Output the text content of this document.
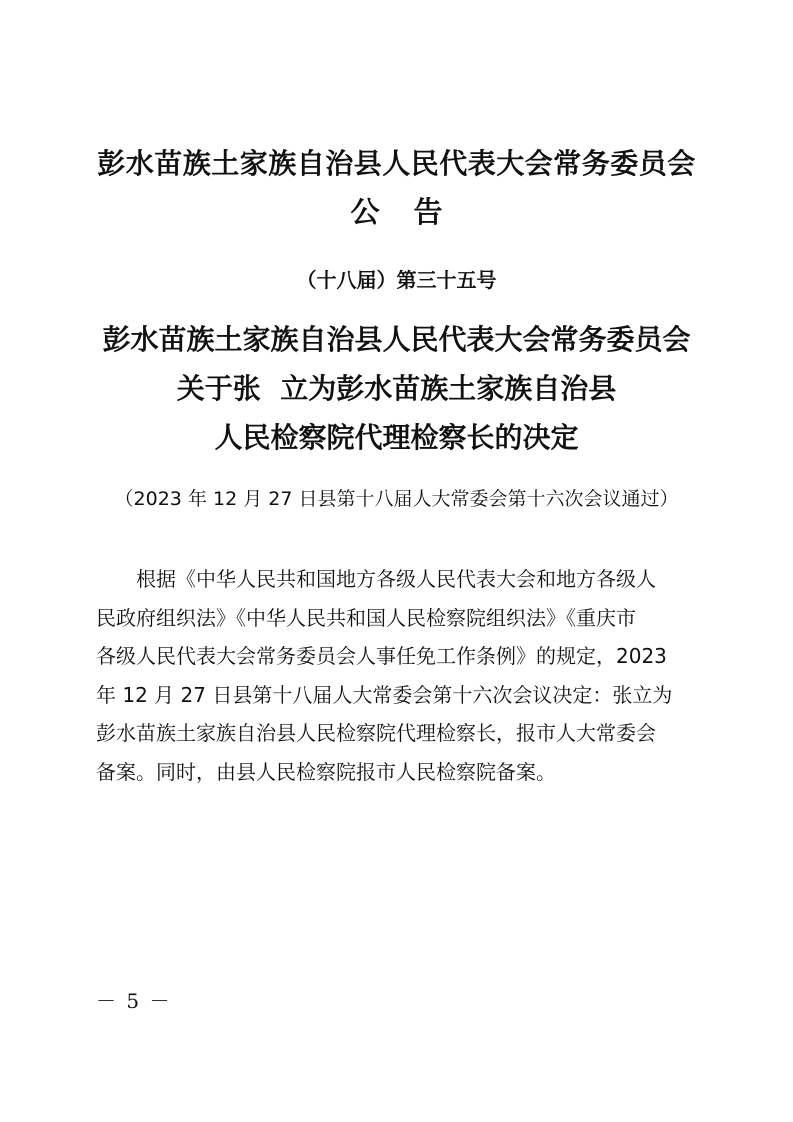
彭水苗族土家族自治县人民代表大会常务委员会
公告
（十八届）第三十五号
彭水苗族土家族自治县人民代表大会常务委员会
关于张  立为彭水苗族土家族自治县
人民检察院代理检察长的决定
（2023 年 12 月 27 日县第十八届人大常委会第十六次会议通过）
根据《中华人民共和国地方各级人民代表大会和地方各级人
民政府组织法》《中华人民共和国人民检察院组织法》《重庆市
各级人民代表大会常务委员会人事任免工作条例》的规定，2023
年 12 月 27 日县第十八届人大常委会第十六次会议决定：张立为
彭水苗族土家族自治县人民检察院代理检察长，报市人大常委会
备案。同时，由县人民检察院报市人民检察院备案。
－ 5 －
